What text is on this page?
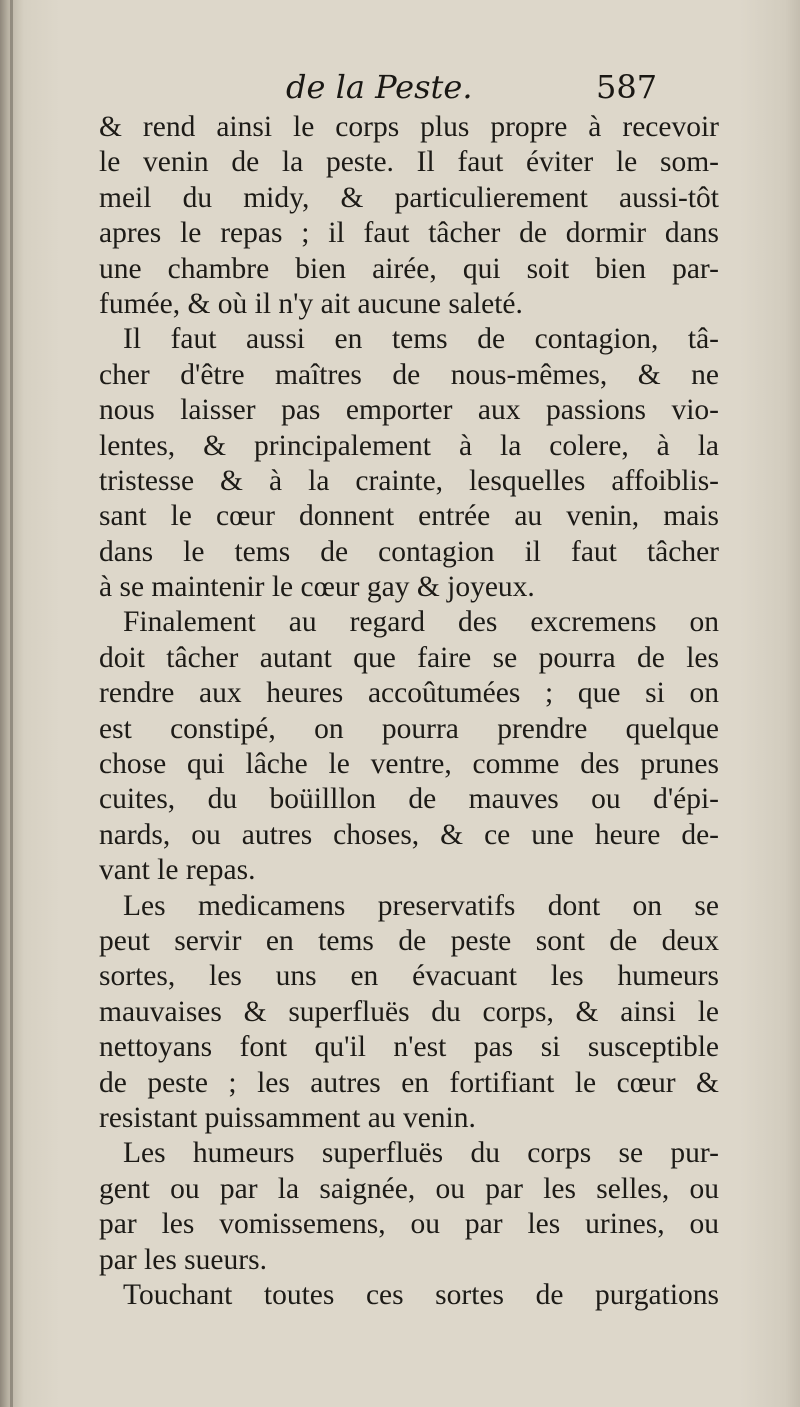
de la Peste.	587
& rend ainsi le corps plus propre à recevoir
le venin de la peste. Il faut éviter le som-
meil du midy, & particulierement aussi-tôt
apres le repas ; il faut tâcher de dormir dans
une chambre bien airée, qui soit bien par-
fumée, & où il n'y ait aucune saleté.
Il faut aussi en tems de contagion, tâ-
cher d'être maîtres de nous-mêmes, & ne
nous laisser pas emporter aux passions vio-
lentes, & principalement à la colere, à la
tristesse & à la crainte, lesquelles affoiblis-
sant le cœur donnent entrée au venin, mais
dans le tems de contagion il faut tâcher
à se maintenir le cœur gay & joyeux.
Finalement au regard des excremens on
doit tâcher autant que faire se pourra de les
rendre aux heures accoûtumées ; que si on
est constipé, on pourra prendre quelque
chose qui lâche le ventre, comme des prunes
cuites, du boüilllon de mauves ou d'épi-
nards, ou autres choses, & ce une heure de-
vant le repas.
Les medicamens preservatifs dont on se
peut servir en tems de peste sont de deux
sortes, les uns en évacuant les humeurs
mauvaises & superfluës du corps, & ainsi le
nettoyans font qu'il n'est pas si susceptible
de peste ; les autres en fortifiant le cœur &
resistant puissamment au venin.
Les humeurs superfluës du corps se pur-
gent ou par la saignée, ou par les selles, ou
par les vomissemens, ou par les urines, ou
par les sueurs.
Touchant toutes ces sortes de purgations
